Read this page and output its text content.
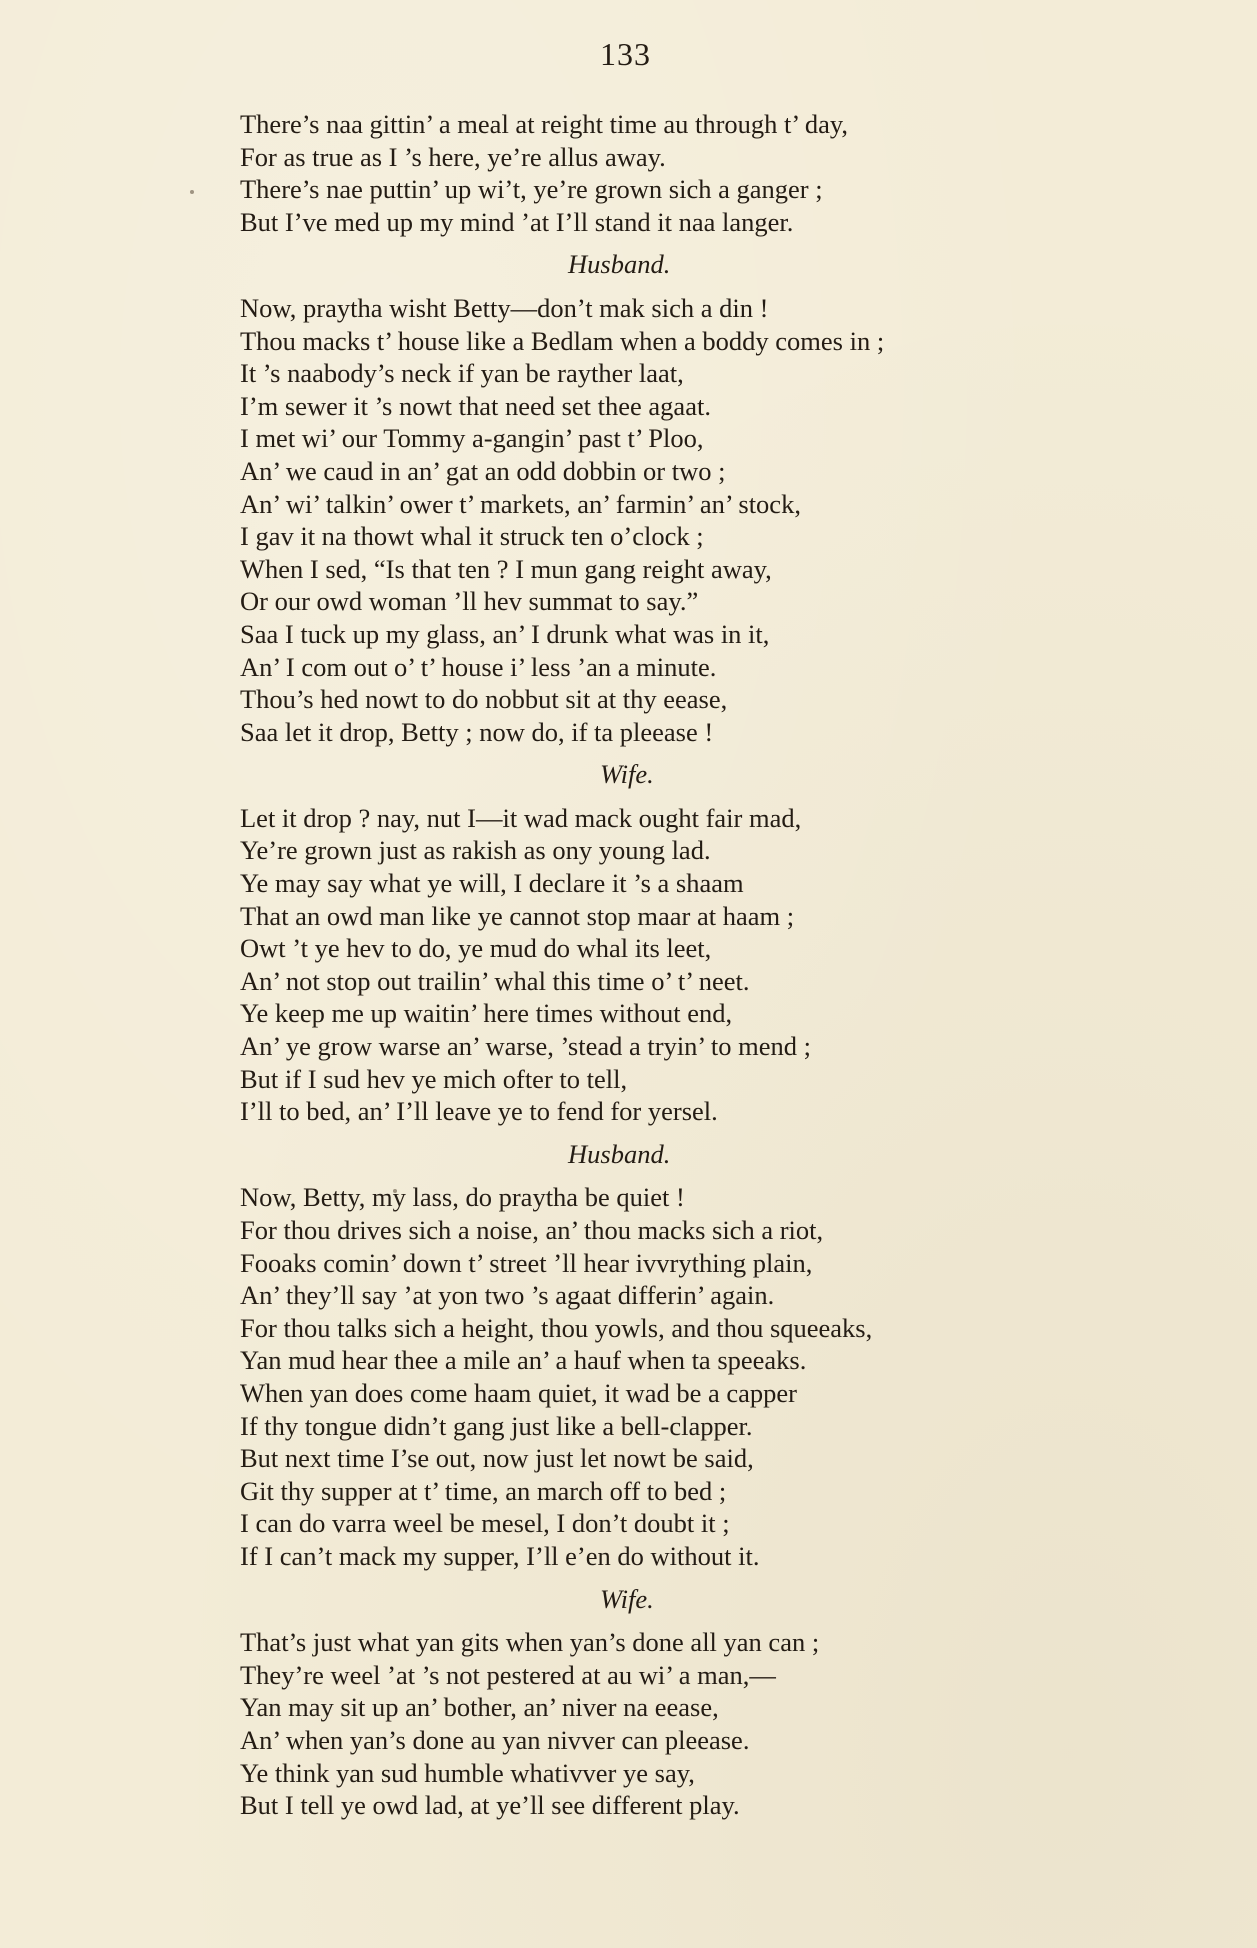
133
There’s naa gittin’ a meal at reight time au through t’ day,
For as true as I ’s here, ye’re allus away.
There’s nae puttin’ up wi’t, ye’re grown sich a ganger ;
But I’ve med up my mind ’at I’ll stand it naa langer.
Husband.
Now, praytha wisht Betty—don’t mak sich a din !
Thou macks t’ house like a Bedlam when a boddy comes in ;
It ’s naabody’s neck if yan be rayther laat,
I’m sewer it ’s nowt that need set thee agaat.
I met wi’ our Tommy a-gangin’ past t’ Ploo,
An’ we caud in an’ gat an odd dobbin or two ;
An’ wi’ talkin’ ower t’ markets, an’ farmin’ an’ stock,
I gav it na thowt whal it struck ten o’clock ;
When I sed, “Is that ten ? I mun gang reight away,
Or our owd woman ’ll hev summat to say.”
Saa I tuck up my glass, an’ I drunk what was in it,
An’ I com out o’ t’ house i’ less ’an a minute.
Thou’s hed nowt to do nobbut sit at thy eease,
Saa let it drop, Betty ; now do, if ta pleease !
Wife.
Let it drop ? nay, nut I—it wad mack ought fair mad,
Ye’re grown just as rakish as ony young lad.
Ye may say what ye will, I declare it ’s a shaam
That an owd man like ye cannot stop maar at haam ;
Owt ’t ye hev to do, ye mud do whal its leet,
An’ not stop out trailin’ whal this time o’ t’ neet.
Ye keep me up waitin’ here times without end,
An’ ye grow warse an’ warse, ’stead a tryin’ to mend ;
But if I sud hev ye mich ofter to tell,
I’ll to bed, an’ I’ll leave ye to fend for yersel.
Husband.
Now, Betty, my lass, do praytha be quiet !
For thou drives sich a noise, an’ thou macks sich a riot,
Fooaks comin’ down t’ street ’ll hear ivvrything plain,
An’ they’ll say ’at yon two ’s agaat differin’ again.
For thou talks sich a height, thou yowls, and thou squeeaks,
Yan mud hear thee a mile an’ a hauf when ta speeaks.
When yan does come haam quiet, it wad be a capper
If thy tongue didn’t gang just like a bell-clapper.
But next time I’se out, now just let nowt be said,
Git thy supper at t’ time, an march off to bed ;
I can do varra weel be mesel, I don’t doubt it ;
If I can’t mack my supper, I’ll e’en do without it.
Wife.
That’s just what yan gits when yan’s done all yan can ;
They’re weel ’at ’s not pestered at au wi’ a man,—
Yan may sit up an’ bother, an’ niver na eease,
An’ when yan’s done au yan nivver can pleease.
Ye think yan sud humble whativver ye say,
But I tell ye owd lad, at ye’ll see different play.
